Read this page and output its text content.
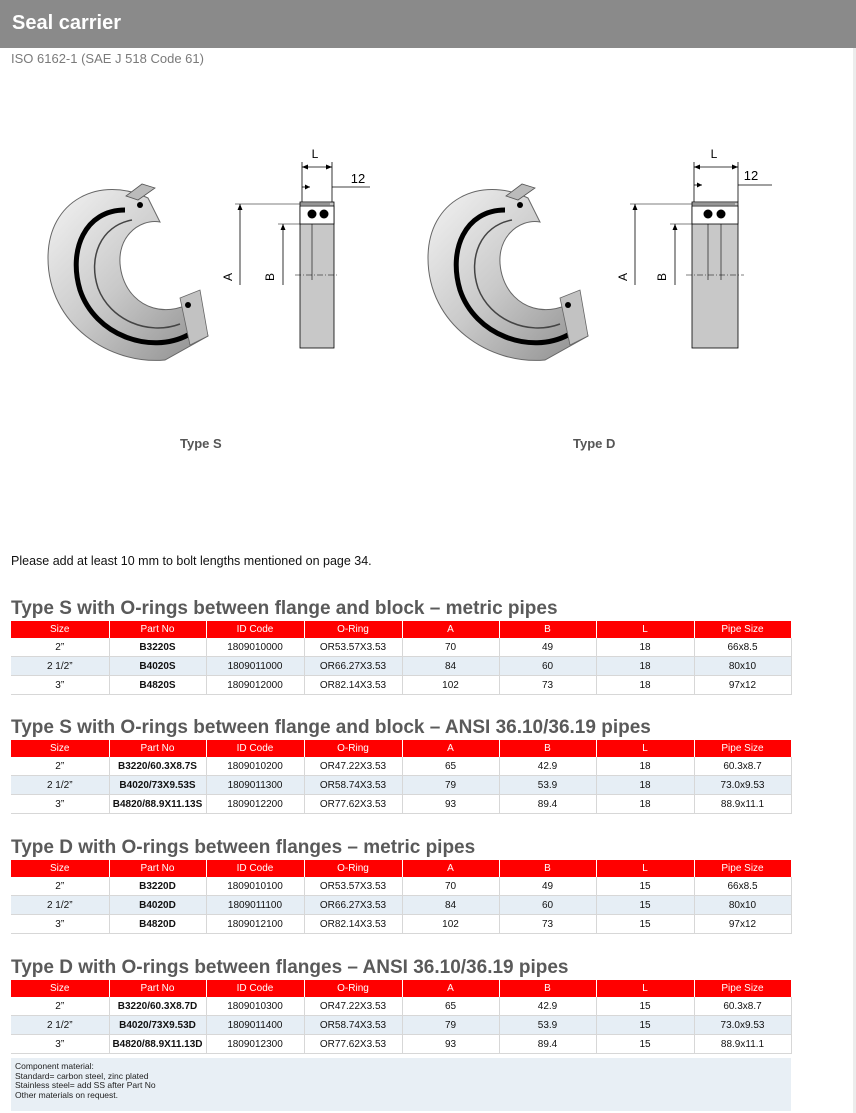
Seal carrier
ISO 6162-1 (SAE J 518 Code 61)
L
12
A B
Type S
L
12
A B
Type D
Please add at least 10 mm to bolt lengths mentioned on page 34.
Type S with O-rings between flange and block – metric pipes
Size	Part No	ID Code	O-Ring	A	B	L	Pipe Size
2”	B3220S	1809010000	OR53.57X3.53	70	49	18	66x8.5
2 1/2”	B4020S	1809011000	OR66.27X3.53	84	60	18	80x10
3”	B4820S	1809012000	OR82.14X3.53	102	73	18	97x12
Type S with O-rings between flange and block – ANSI 36.10/36.19 pipes
Size	Part No	ID Code	O-Ring	A	B	L	Pipe Size
2”	B3220/60.3X8.7S	1809010200	OR47.22X3.53	65	42.9	18	60.3x8.7
2 1/2”	B4020/73X9.53S	1809011300	OR58.74X3.53	79	53.9	18	73.0x9.53
3”	B4820/88.9X11.13S	1809012200	OR77.62X3.53	93	89.4	18	88.9x11.1
Type D with O-rings between flanges – metric pipes
Size	Part No	ID Code	O-Ring	A	B	L	Pipe Size
2”	B3220D	1809010100	OR53.57X3.53	70	49	15	66x8.5
2 1/2”	B4020D	1809011100	OR66.27X3.53	84	60	15	80x10
3”	B4820D	1809012100	OR82.14X3.53	102	73	15	97x12
Type D with O-rings between flanges – ANSI 36.10/36.19 pipes
Size	Part No	ID Code	O-Ring	A	B	L	Pipe Size
2”	B3220/60.3X8.7D	1809010300	OR47.22X3.53	65	42.9	15	60.3x8.7
2 1/2”	B4020/73X9.53D	1809011400	OR58.74X3.53	79	53.9	15	73.0x9.53
3”	B4820/88.9X11.13D	1809012300	OR77.62X3.53	93	89.4	15	88.9x11.1
Component material:
Standard= carbon steel, zinc plated
Stainless steel= add SS after Part No
Other materials on request.
